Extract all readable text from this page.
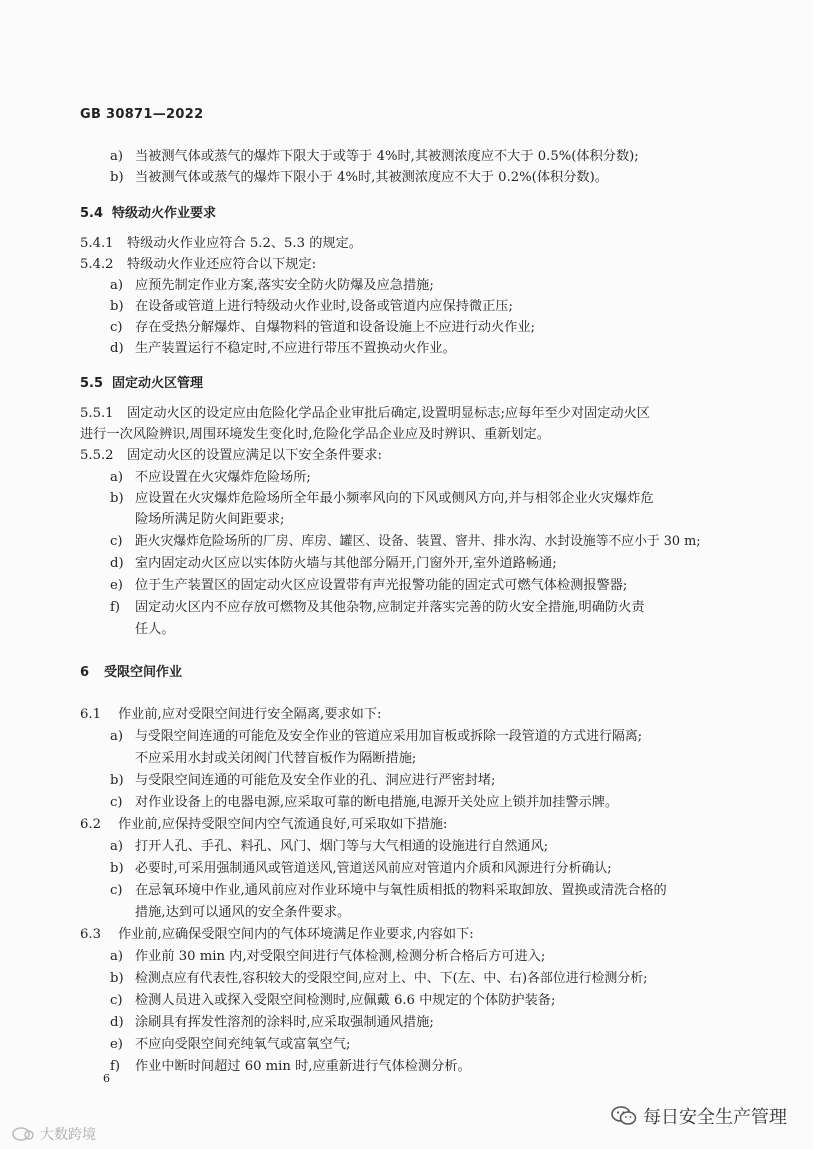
GB 30871—2022
a) 当被测气体或蒸气的爆炸下限大于或等于 4%时,其被测浓度应不大于 0.5%(体积分数);
b) 当被测气体或蒸气的爆炸下限小于 4%时,其被测浓度应不大于 0.2%(体积分数)。
5.4 特级动火作业要求
5.4.1 特级动火作业应符合 5.2、5.3 的规定。
5.4.2 特级动火作业还应符合以下规定:
a) 应预先制定作业方案,落实安全防火防爆及应急措施;
b) 在设备或管道上进行特级动火作业时,设备或管道内应保持微正压;
c) 存在受热分解爆炸、自爆物料的管道和设备设施上不应进行动火作业;
d) 生产装置运行不稳定时,不应进行带压不置换动火作业。
5.5 固定动火区管理
5.5.1 固定动火区的设定应由危险化学品企业审批后确定,设置明显标志;应每年至少对固定动火区
进行一次风险辨识,周围环境发生变化时,危险化学品企业应及时辨识、重新划定。
5.5.2 固定动火区的设置应满足以下安全条件要求:
a) 不应设置在火灾爆炸危险场所;
b) 应设置在火灾爆炸危险场所全年最小频率风向的下风或侧风方向,并与相邻企业火灾爆炸危
险场所满足防火间距要求;
c) 距火灾爆炸危险场所的厂房、库房、罐区、设备、装置、窨井、排水沟、水封设施等不应小于 30 m;
d) 室内固定动火区应以实体防火墙与其他部分隔开,门窗外开,室外道路畅通;
e) 位于生产装置区的固定动火区应设置带有声光报警功能的固定式可燃气体检测报警器;
f) 固定动火区内不应存放可燃物及其他杂物,应制定并落实完善的防火安全措施,明确防火责
任人。
6 受限空间作业
6.1 作业前,应对受限空间进行安全隔离,要求如下:
a) 与受限空间连通的可能危及安全作业的管道应采用加盲板或拆除一段管道的方式进行隔离;
不应采用水封或关闭阀门代替盲板作为隔断措施;
b) 与受限空间连通的可能危及安全作业的孔、洞应进行严密封堵;
c) 对作业设备上的电器电源,应采取可靠的断电措施,电源开关处应上锁并加挂警示牌。
6.2 作业前,应保持受限空间内空气流通良好,可采取如下措施:
a) 打开人孔、手孔、料孔、风门、烟门等与大气相通的设施进行自然通风;
b) 必要时,可采用强制通风或管道送风,管道送风前应对管道内介质和风源进行分析确认;
c) 在忌氧环境中作业,通风前应对作业环境中与氧性质相抵的物料采取卸放、置换或清洗合格的
措施,达到可以通风的安全条件要求。
6.3 作业前,应确保受限空间内的气体环境满足作业要求,内容如下:
a) 作业前 30 min 内,对受限空间进行气体检测,检测分析合格后方可进入;
b) 检测点应有代表性,容积较大的受限空间,应对上、中、下(左、中、右)各部位进行检测分析;
c) 检测人员进入或探入受限空间检测时,应佩戴 6.6 中规定的个体防护装备;
d) 涂刷具有挥发性溶剂的涂料时,应采取强制通风措施;
e) 不应向受限空间充纯氧气或富氧空气;
f) 作业中断时间超过 60 min 时,应重新进行气体检测分析。
6
每日安全生产管理
大数跨境
